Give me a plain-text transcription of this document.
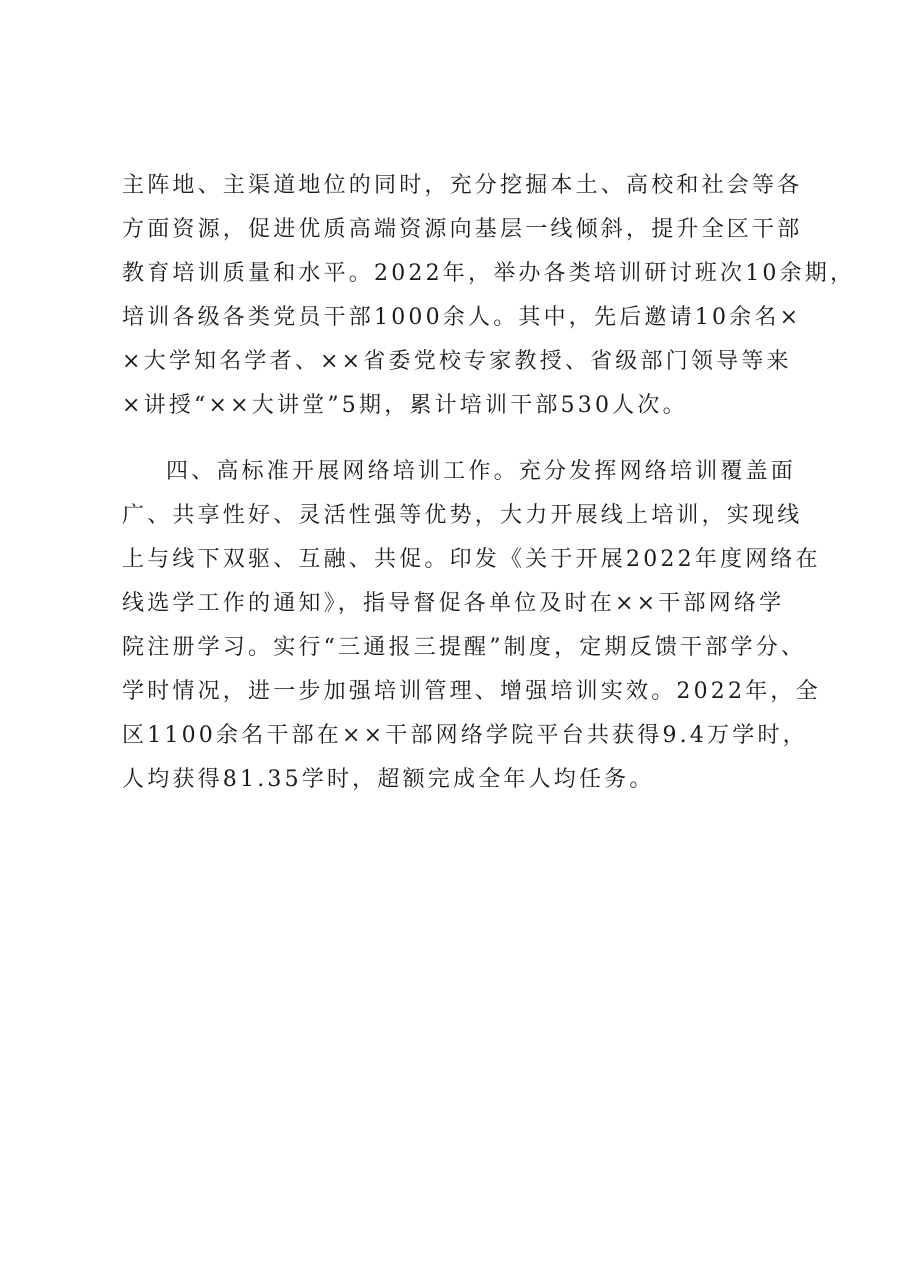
主阵地、主渠道地位的同时，充分挖掘本土、高校和社会等各
方面资源，促进优质高端资源向基层一线倾斜，提升全区干部
教育培训质量和水平。2022年，举办各类培训研讨班次10余期，
培训各级各类党员干部1000余人。其中，先后邀请10余名×
×大学知名学者、××省委党校专家教授、省级部门领导等来
×讲授“××大讲堂”5期，累计培训干部530人次。
四、高标准开展网络培训工作。充分发挥网络培训覆盖面
广、共享性好、灵活性强等优势，大力开展线上培训，实现线
上与线下双驱、互融、共促。印发《关于开展2022年度网络在
线选学工作的通知》，指导督促各单位及时在××干部网络学
院注册学习。实行“三通报三提醒”制度，定期反馈干部学分、
学时情况，进一步加强培训管理、增强培训实效。2022年，全
区1100余名干部在××干部网络学院平台共获得9.4万学时，
人均获得81.35学时，超额完成全年人均任务。
